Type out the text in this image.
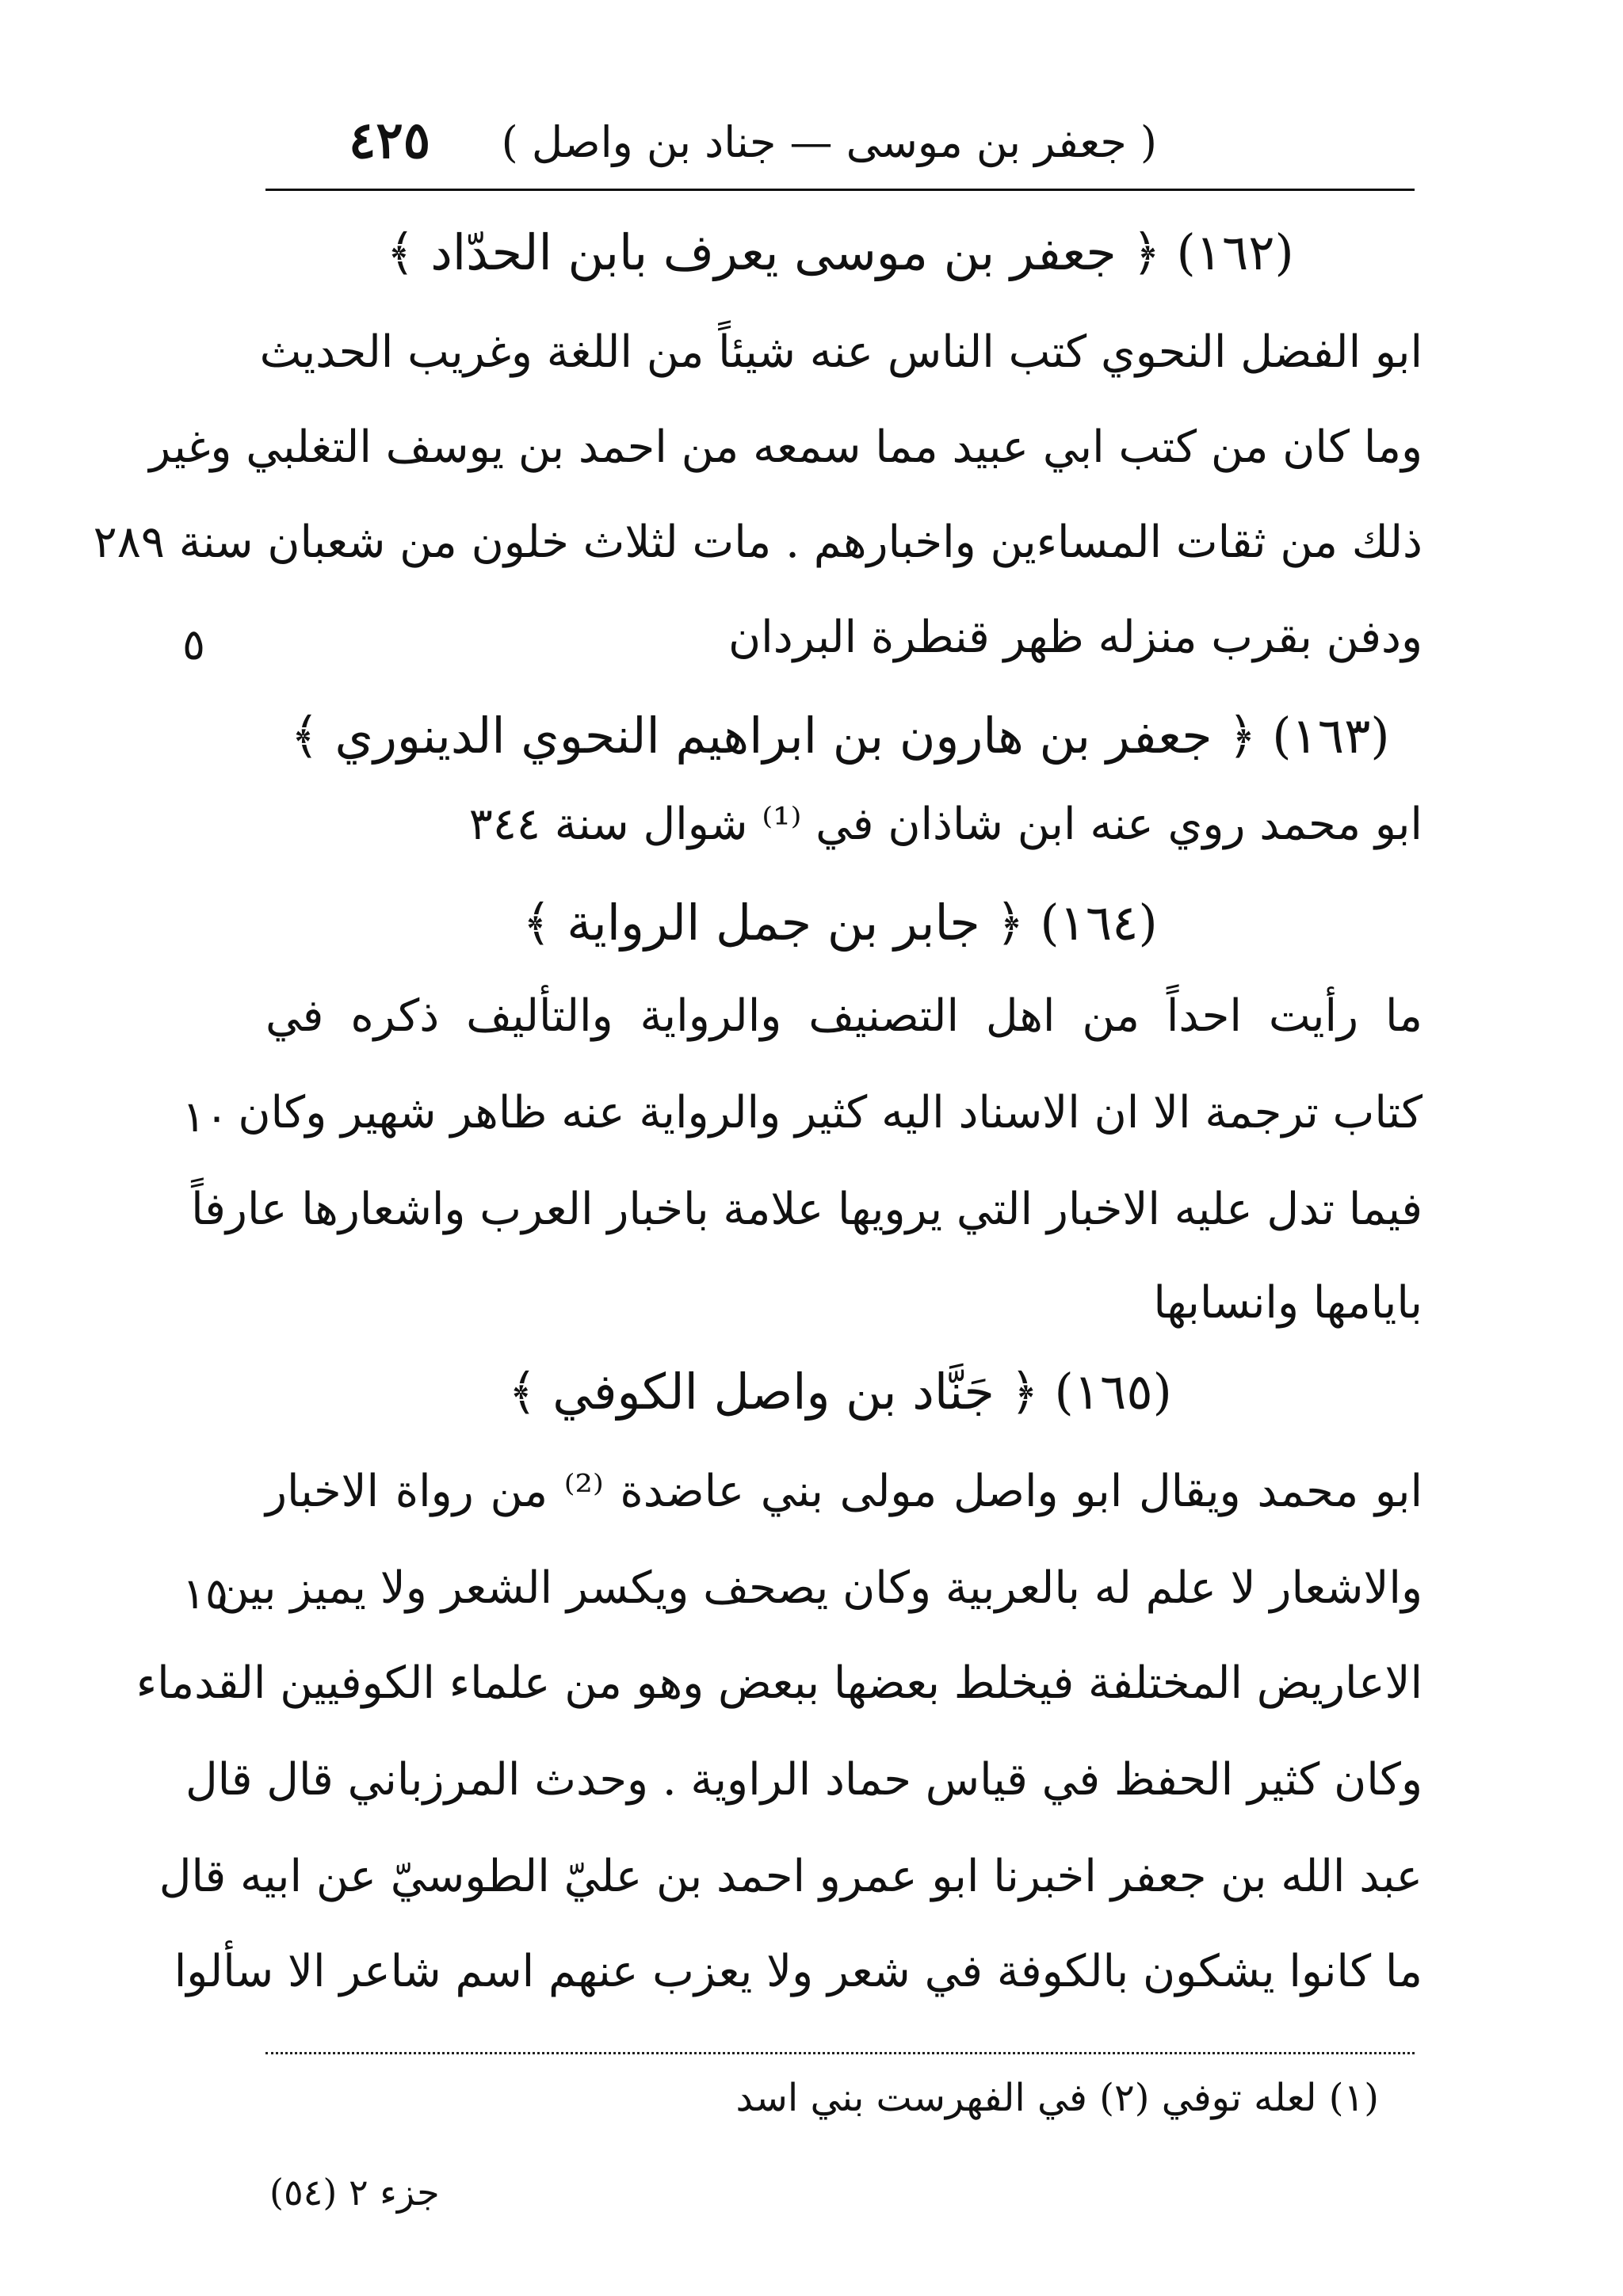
( جعفر بن موسى — جناد بن واصل )
٤٢٥
(١٦٢) ﴿ جعفر بن موسى يعرف بابن الحدّاد ﴾
ابو الفضل النحوي كتب الناس عنه شيئاً من اللغة وغريب الحديث
وما كان من كتب ابي عبيد مما سمعه من احمد بن يوسف التغلبي وغير
ذلك من ثقات المساءين واخبارهم . مات لثلاث خلون من شعبان سنة ٢٨٩
ودفن بقرب منزله ظهر قنطرة البردان
٥
(١٦٣) ﴿ جعفر بن هارون بن ابراهيم النحوي الدينوري ﴾
ابو محمد روي عنه ابن شاذان في ⁽¹⁾ شوال سنة ٣٤٤
(١٦٤) ﴿ جابر بن جمل الرواية ﴾
ما رأيت احداً من اهل التصنيف والرواية والتأليف ذكره في
كتاب ترجمة الا ان الاسناد اليه كثير والرواية عنه ظاهر شهير وكان
١٠
فيما تدل عليه الاخبار التي يرويها علامة باخبار العرب واشعارها عارفاً
بايامها وانسابها
(١٦٥) ﴿ جَنَّاد بن واصل الكوفي ﴾
ابو محمد ويقال ابو واصل مولى بني عاضدة ⁽²⁾ من رواة الاخبار
والاشعار لا علم له بالعربية وكان يصحف ويكسر الشعر ولا يميز بين
١٥
الاعاريض المختلفة فيخلط بعضها ببعض وهو من علماء الكوفيين القدماء
وكان كثير الحفظ في قياس حماد الراوية . وحدث المرزباني قال قال
عبد الله بن جعفر اخبرنا ابو عمرو احمد بن عليّ الطوسيّ عن ابيه قال
ما كانوا يشكون بالكوفة في شعر ولا يعزب عنهم اسم شاعر الا سألوا
(١) لعله توفي (٢) في الفهرست بني اسد
جزء ٢ (٥٤)
